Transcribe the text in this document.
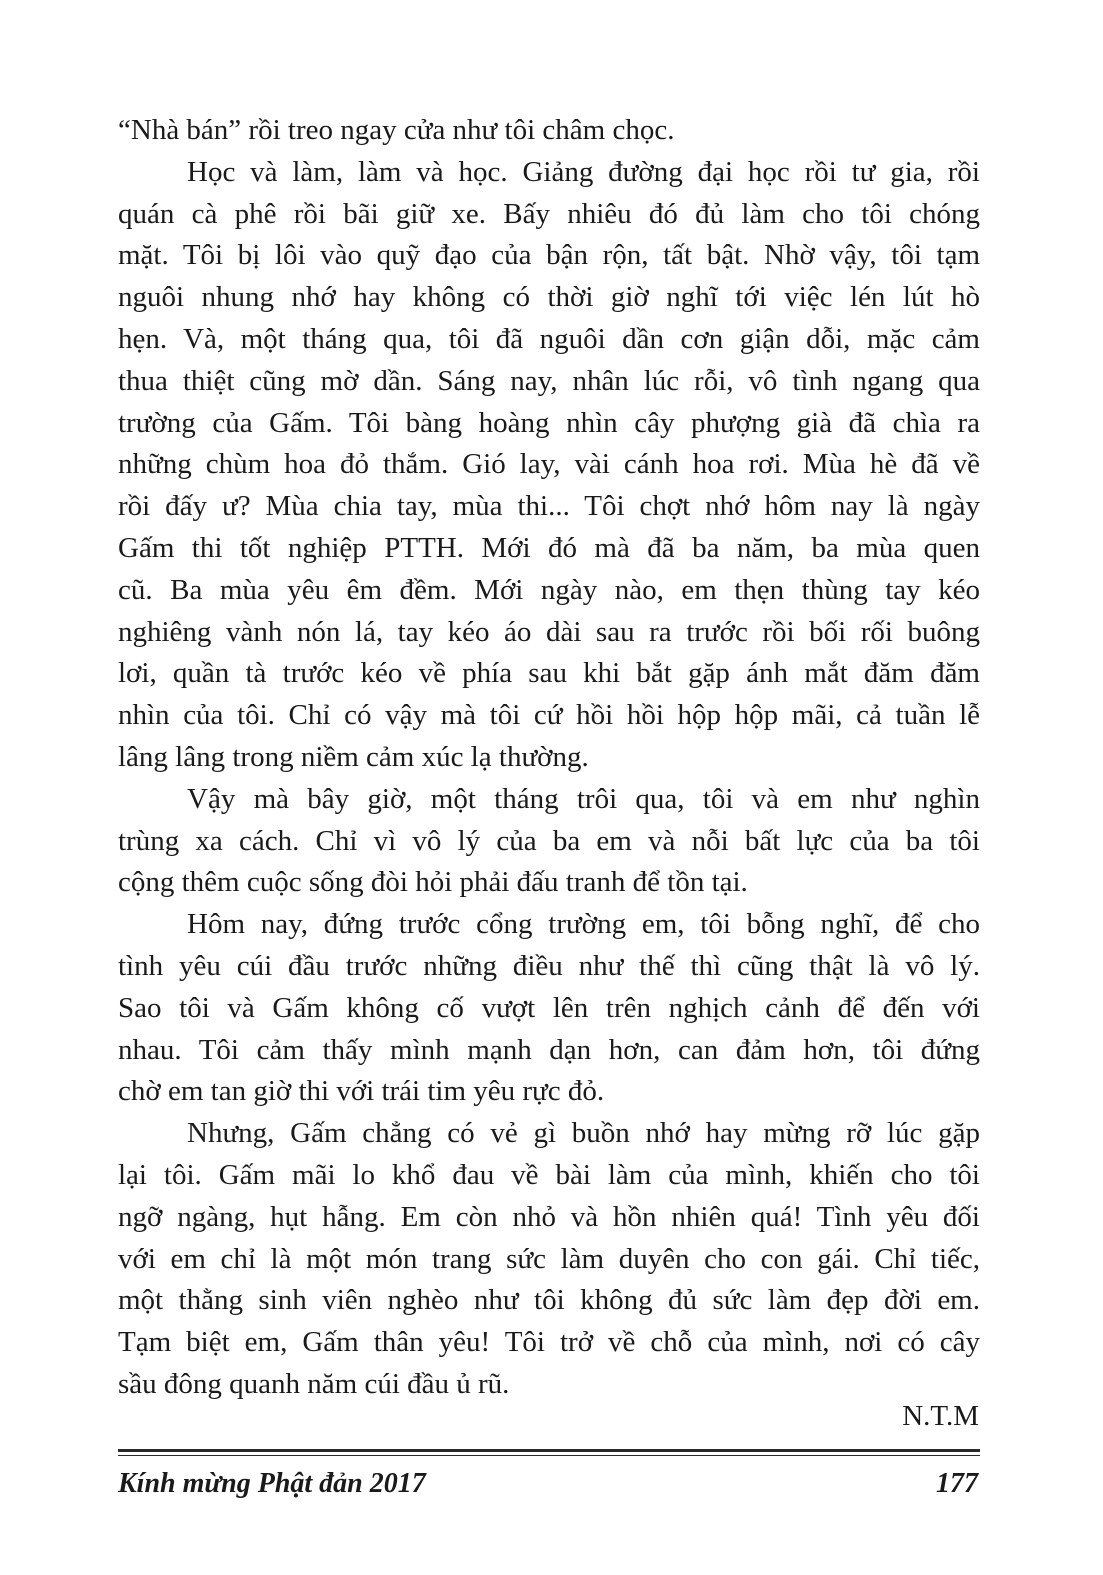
“Nhà bán” rồi treo ngay cửa như tôi châm chọc.
Học và làm, làm và học. Giảng đường đại học rồi tư gia, rồi
quán cà phê rồi bãi giữ xe. Bấy nhiêu đó đủ làm cho tôi chóng
mặt. Tôi bị lôi vào quỹ đạo của bận rộn, tất bật. Nhờ vậy, tôi tạm
nguôi nhung nhớ hay không có thời giờ nghĩ tới việc lén lút hò
hẹn. Và, một tháng qua, tôi đã nguôi dần cơn giận dỗi, mặc cảm
thua thiệt cũng mờ dần. Sáng nay, nhân lúc rỗi, vô tình ngang qua
trường của Gấm. Tôi bàng hoàng nhìn cây phượng già đã chìa ra
những chùm hoa đỏ thắm. Gió lay, vài cánh hoa rơi. Mùa hè đã về
rồi đấy ư? Mùa chia tay, mùa thi... Tôi chợt nhớ hôm nay là ngày
Gấm thi tốt nghiệp PTTH. Mới đó mà đã ba năm, ba mùa quen
cũ. Ba mùa yêu êm đềm. Mới ngày nào, em thẹn thùng tay kéo
nghiêng vành nón lá, tay kéo áo dài sau ra trước rồi bối rối buông
lơi, quần tà trước kéo về phía sau khi bắt gặp ánh mắt đăm đăm
nhìn của tôi. Chỉ có vậy mà tôi cứ hồi hồi hộp hộp mãi, cả tuần lễ
lâng lâng trong niềm cảm xúc lạ thường.
Vậy mà bây giờ, một tháng trôi qua, tôi và em như nghìn
trùng xa cách. Chỉ vì vô lý của ba em và nỗi bất lực của ba tôi
cộng thêm cuộc sống đòi hỏi phải đấu tranh để tồn tại.
Hôm nay, đứng trước cổng trường em, tôi bỗng nghĩ, để cho
tình yêu cúi đầu trước những điều như thế thì cũng thật là vô lý.
Sao tôi và Gấm không cố vượt lên trên nghịch cảnh để đến với
nhau. Tôi cảm thấy mình mạnh dạn hơn, can đảm hơn, tôi đứng
chờ em tan giờ thi với trái tim yêu rực đỏ.
Nhưng, Gấm chẳng có vẻ gì buồn nhớ hay mừng rỡ lúc gặp
lại tôi. Gấm mãi lo khổ đau về bài làm của mình, khiến cho tôi
ngỡ ngàng, hụt hẫng. Em còn nhỏ và hồn nhiên quá! Tình yêu đối
với em chỉ là một món trang sức làm duyên cho con gái. Chỉ tiếc,
một thằng sinh viên nghèo như tôi không đủ sức làm đẹp đời em.
Tạm biệt em, Gấm thân yêu! Tôi trở về chỗ của mình, nơi có cây
sầu đông quanh năm cúi đầu ủ rũ.
N.T.M
Kính mừng Phật đản 2017	177
